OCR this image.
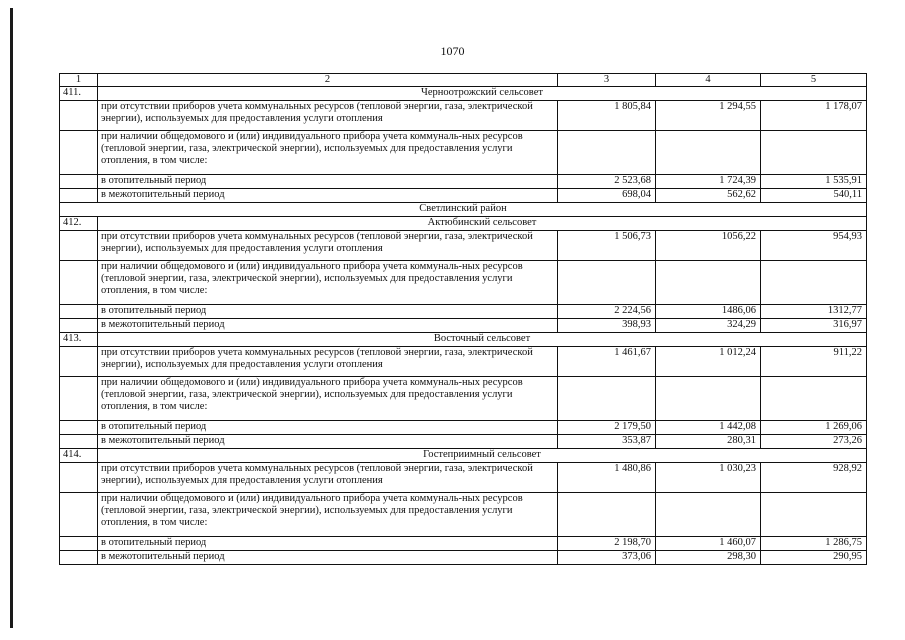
1070
1	2	3	4	5
411.	Черноотрожский сельсовет			
	при отсутствии приборов учета коммунальных ресурсов (тепловой энергии, газа, электрической энергии), используемых для предоставления услуги отопления	1 805,84	1 294,55	1 178,07
	при наличии общедомового и (или) индивидуального прибора учета коммуналь-ных ресурсов (тепловой энергии, газа, электрической энергии), используемых для предоставления услуги отопления, в том числе:			
	в отопительный период	2 523,68	1 724,39	1 535,91
	в межотопительный период	698,04	562,62	540,11
Светлинский район				
412.	Актюбинский сельсовет			
	при отсутствии приборов учета коммунальных ресурсов (тепловой энергии, газа, электрической энергии), используемых для предоставления услуги отопления	1 506,73	1056,22	954,93
	при наличии общедомового и (или) индивидуального прибора учета коммуналь-ных ресурсов (тепловой энергии, газа, электрической энергии), используемых для предоставления услуги отопления, в том числе:			
	в отопительный период	2 224,56	1486,06	1312,77
	в межотопительный период	398,93	324,29	316,97
413.	Восточный сельсовет			
	при отсутствии приборов учета коммунальных ресурсов (тепловой энергии, газа, электрической энергии), используемых для предоставления услуги отопления	1 461,67	1 012,24	911,22
	при наличии общедомового и (или) индивидуального прибора учета коммуналь-ных ресурсов (тепловой энергии, газа, электрической энергии), используемых для предоставления услуги отопления, в том числе:			
	в отопительный период	2 179,50	1 442,08	1 269,06
	в межотопительный период	353,87	280,31	273,26
414.	Гостеприимный сельсовет			
	при отсутствии приборов учета коммунальных ресурсов (тепловой энергии, газа, электрической энергии), используемых для предоставления услуги отопления	1 480,86	1 030,23	928,92
	при наличии общедомового и (или) индивидуального прибора учета коммуналь-ных ресурсов (тепловой энергии, газа, электрической энергии), используемых для предоставления услуги отопления, в том числе:			
	в отопительный период	2 198,70	1 460,07	1 286,75
	в межотопительный период	373,06	298,30	290,95
